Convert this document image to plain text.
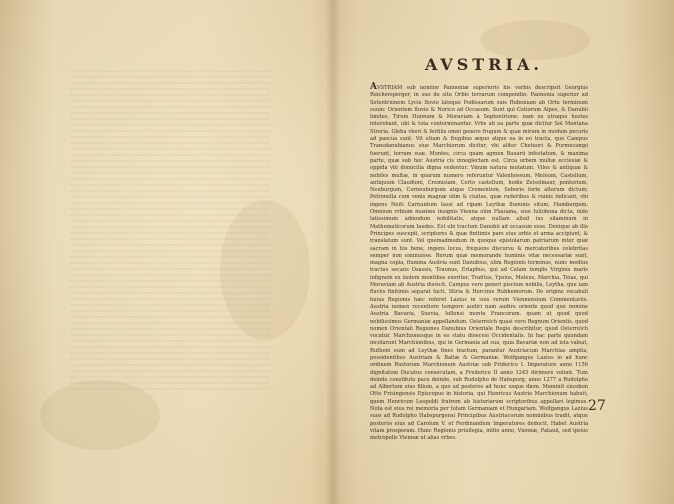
AVSTRIA.
AVSTRIAM sub nomine Pannoniæ superioris his verbis descripsit Georgius Reichersperger, in suo de situ Orbis terrarum compendio: Pannonia superior ad Setentrionem Lycie fluvio lateque Podlesarum suis Ruboniam ab Ortu terminum suum: Orientem fluvio & Norico ad Occasum. Sunt qui Cetiorum Alpes, & Danubii limites, Tirum Hunnum & Moraviam à Septentrione: nam ex utraque hostes interebant, ubi & tota conterminantur. Vrbs ab ea parte quæ dicitur Sol Montana Streria. Gleba vberi & fertilis omni genere frugum & quæ mirum in modum pecoris ad pascua sunt. Vit etiam & frugibus æquo atque ea in eo tracta, quo Campus Transdanubianus siue Marchiorum dicitur, vbi aliter Chetuori & Purmecampi fuerunt, terram suæ. Montes, circa quam agmen Bauarii infestatum, & maxima parte, quæ sub hoc Austria cis inneglectam est. Circa urbem multæ ecclesiæ & oppida vbi domicilia digna vedentur. Vinum natura mutatum. Viles & antiquæ & nobiles multæ, in quarum numero referuntur Valenhossum, Meleum, Castellum, antiquum Claudioni, Cremisiam, Certo castellum, hodie Zeiselmaur, pontorium, Neuburgum, Corneuburgum atque Crementum, Seborio forte alterum dictum; Petronella cum venis magnæ olim & ciuitas, quæ ruderibus & ruinis indicant, vbi ingens Neiti Carnuntum Iassi ad ripam Leythæ fluminis situm, Hamburgum. Omnium vrbium maxime insignis Vienna olim Flauiana, siue Iuliobona dicta, nido latissimum admodum nobilitatis, atque nullam aliud ius silaminum in Mathematicorum Iaudes. Est ubi tractum Danubii ad occasum esse. Denique ab illo Principes suscepti, scriptores & quæ finitimis pars eius orbis et arma accipiunt, & translatum sunt. Vel quemadmodum in quoque epistolarum patriarum inter quæ sacram in his bene, ingens locus, frequens discursu & mercatoribus celebritas semper non eminuisse. Rerum quæ memorande huminis vitæ necessariæ sunt, magna copia, flumina Austria sunt Danubius, olim Regionis terminus, nunc medius tractus secans Osassis, Traunus, Erlaphus, qui ad Celam templo Virginis maris infignem ex iisdem montibus exoritur, Trafitus, Ypsius, Meleus, Marchia, Teias, qui Moraviam ab Austria dissicit. Campus vero generi piscium nobilis, Leytha, que iam fluviis finitimis separat facti, Stiria & Hercinie Rubhemorum. De origine vocabuli huius Regionis hæc referet Lazius in suis rerum Viennensium Commentariis. Austria nomen recentiore tempore audiri nam audire oriente quod que nomine Austria Bavaria, Suevia, Iollensi monte Francorum. quam ut quod quod nobilissimos Germaniæ appellandum. Osterreich quasi vero Regnum Orientis, quod nomen Orientali Regiones Danubius Orientale Regio describitur, quod Osterreich vocatur. Marchionesque in eo statu dioecesi Occidentalis. In hac parte quondam incolarunt Marchionibus, qui in Germania ad sua, quia Bavariæ non ad ista valeat, Rutheni eum ad Leythæ fines tractum, parantur Austriacum Marchias amplia, possidentibus Austriam & Baltæ & Germaniæ. Wolfgangus Lazius in ad hunc ordinem Rustorum Marchionum Austriæ sub Friderico I. Imperatore anno 1156 dignitatem Ducatus consecutam, a Frederico II anno 1245 dirimere volunt. Tum deinde constituto pace deinde, sub Rudolpho de Habspurg, anno 1277 a Rudolpho ad Albertum eius filium, a quo ad posteros ad hunc usque diem. Meminit eiusdem Otto Frisingensis Episcopus in historia, qui Henricus Austrie Marchionum habuit, quem Henricum Leopoldi fratrem ab historiarum scriptoribus appellari legimus. Nota est eius rei memoria per totam Germaniam et Hungariam. Wolfgangus Lazius suos ad Rudolpho Habspurgensi Principibus Austriacorum nominibus tradit, atque posteros eius ad Carolum V. et Ferdinandum Imperatores deducit, Habet Austria vitam prosperam. Hunc Regionis priuilegia, initio anno, Viennæ, Patauii, sed ipsius metropolis Viennæ ut alias vrbes.
27
